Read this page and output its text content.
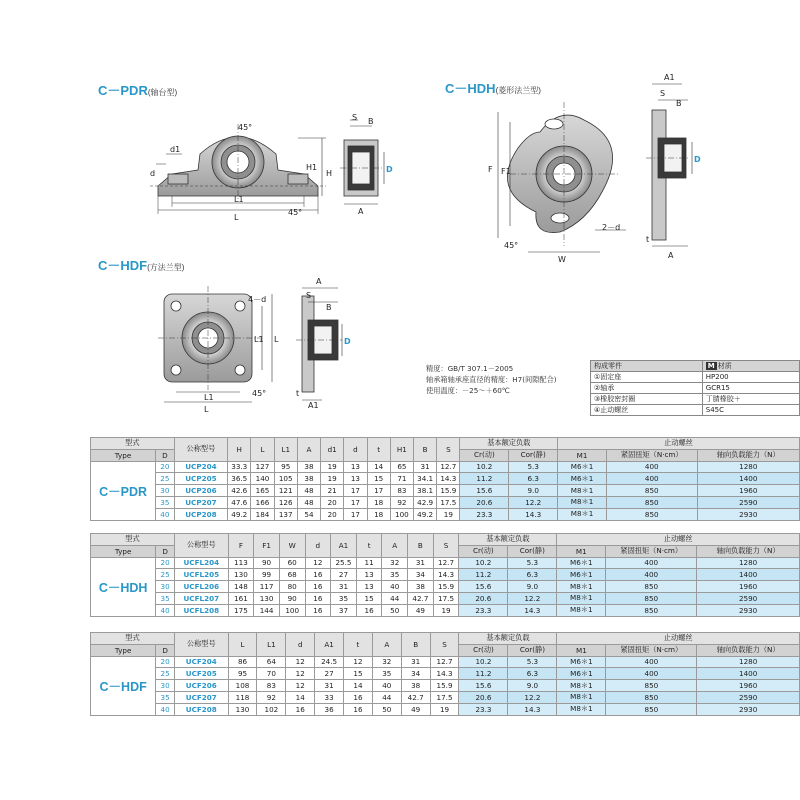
C－PDR(轴台型)	C－HDH(菱形法兰型)
C－HDF(方法兰型)
45°
d1
d
L1
L
45°
H
H1
S B
D
A
F F1
45°
W
2－d
A1
S
B
D
t
A
4－d
L1
L1
L
L
45°
A
S
B
D
t
A1
精度：GB/T 307.1－2005
轴承箱轴承座直径的精度：H7(间隙配合)
使用温度：－25～＋60℃
构成零件	M 材质
①固定座	HP200
②轴承	GCR15
③橡胶密封圈	丁腈橡胶＋
④止动螺丝	S45C
型式		公称型号	H	L	L1	A	d1	d	t	H1	B	S	基本额定负载		止动螺丝		
Type	D												Cr(动)	Cor(静)	M1	紧固扭矩（N·cm）	轴向负载能力（N）
C－PDR	20	UCP204	33.3	127	95	38	19	13	14	65	31	12.7	10.2	5.3	M6＊1	400	1280
	25	UCP205	36.5	140	105	38	19	13	15	71	34.1	14.3	11.2	6.3	M6＊1	400	1400
	30	UCP206	42.6	165	121	48	21	17	17	83	38.1	15.9	15.6	9.0	M8＊1	850	1960
	35	UCP207	47.6	166	126	48	20	17	18	92	42.9	17.5	20.6	12.2	M8＊1	850	2590
	40	UCP208	49.2	184	137	54	20	17	18	100	49.2	19	23.3	14.3	M8＊1	850	2930
型式		公称型号	F	F1	W	d	A1	t	A	B	S	基本额定负载		止动螺丝		
Type	D											Cr(动)	Cor(静)	M1	紧固扭矩（N·cm）	轴向负载能力（N）
C－HDH	20	UCFL204	113	90	60	12	25.5	11	32	31	12.7	10.2	5.3	M6＊1	400	1280
	25	UCFL205	130	99	68	16	27	13	35	34	14.3	11.2	6.3	M6＊1	400	1400
	30	UCFL206	148	117	80	16	31	13	40	38	15.9	15.6	9.0	M8＊1	850	1960
	35	UCFL207	161	130	90	16	35	15	44	42.7	17.5	20.6	12.2	M8＊1	850	2590
	40	UCFL208	175	144	100	16	37	16	50	49	19	23.3	14.3	M8＊1	850	2930
型式		公称型号	L	L1	d	A1	t	A	B	S	基本额定负载		止动螺丝		
Type	D										Cr(动)	Cor(静)	M1	紧固扭矩（N·cm）	轴向负载能力（N）
C－HDF	20	UCF204	86	64	12	24.5	12	32	31	12.7	10.2	5.3	M6＊1	400	1280
	25	UCF205	95	70	12	27	15	35	34	14.3	11.2	6.3	M6＊1	400	1400
	30	UCF206	108	83	12	31	14	40	38	15.9	15.6	9.0	M8＊1	850	1960
	35	UCF207	118	92	14	33	16	44	42.7	17.5	20.6	12.2	M8＊1	850	2590
	40	UCF208	130	102	16	36	16	50	49	19	23.3	14.3	M8＊1	850	2930
